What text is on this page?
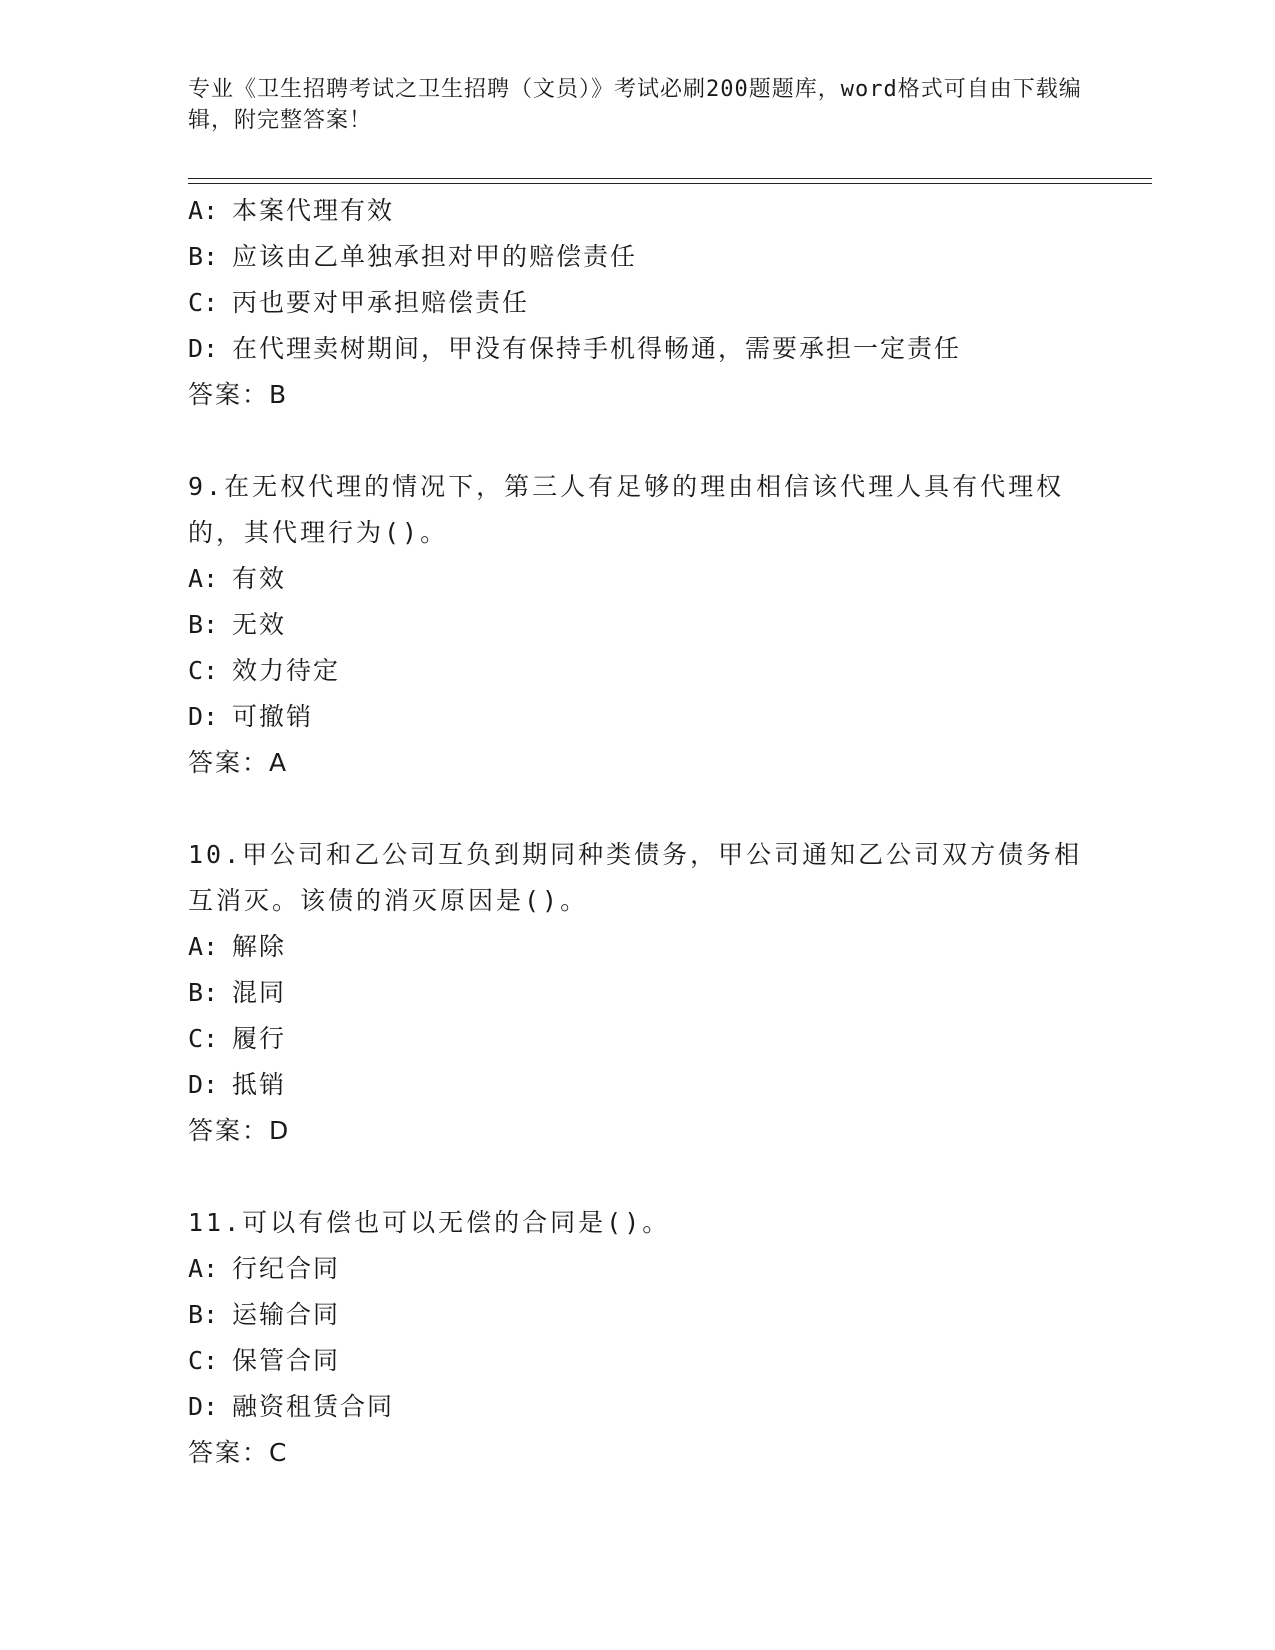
专业《卫生招聘考试之卫生招聘（文员）》考试必刷200题题库，word格式可自由下载编辑，附完整答案！
A: 本案代理有效
B: 应该由乙单独承担对甲的赔偿责任
C: 丙也要对甲承担赔偿责任
D: 在代理卖树期间，甲没有保持手机得畅通，需要承担一定责任
答案：B
9.在无权代理的情况下，第三人有足够的理由相信该代理人具有代理权的，其代理行为()。
A: 有效
B: 无效
C: 效力待定
D: 可撤销
答案：A
10.甲公司和乙公司互负到期同种类债务，甲公司通知乙公司双方债务相互消灭。该债的消灭原因是()。
A: 解除
B: 混同
C: 履行
D: 抵销
答案：D
11.可以有偿也可以无偿的合同是()。
A: 行纪合同
B: 运输合同
C: 保管合同
D: 融资租赁合同
答案：C
